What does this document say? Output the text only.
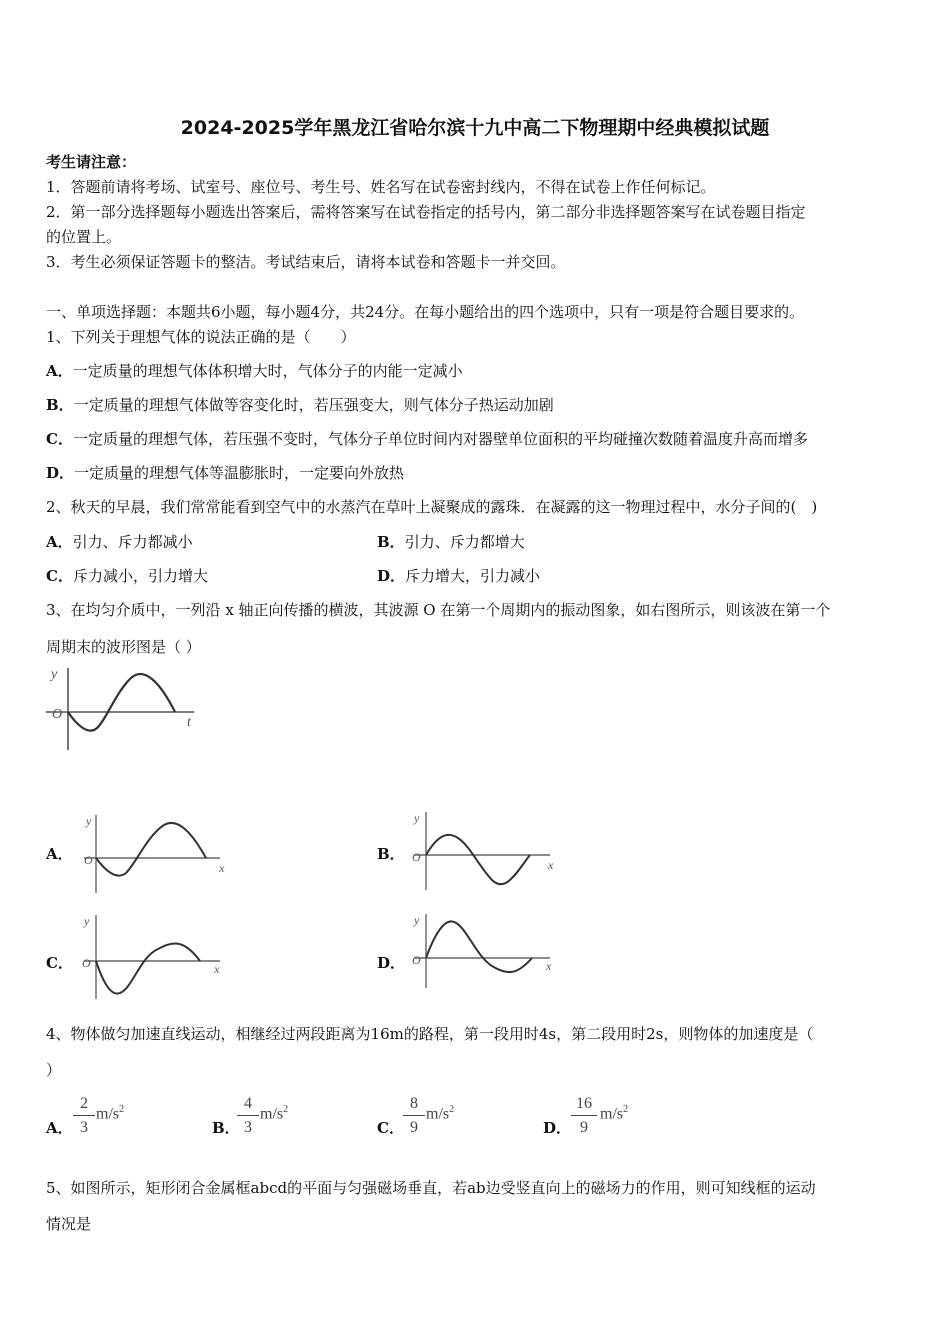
2024-2025学年黑龙江省哈尔滨十九中高二下物理期中经典模拟试题
考生请注意：
1．答题前请将考场、试室号、座位号、考生号、姓名写在试卷密封线内，不得在试卷上作任何标记。
2．第一部分选择题每小题选出答案后，需将答案写在试卷指定的括号内，第二部分非选择题答案写在试卷题目指定
的位置上。
3．考生必须保证答题卡的整洁。考试结束后，请将本试卷和答题卡一并交回。
一、单项选择题：本题共6小题，每小题4分，共24分。在每小题给出的四个选项中，只有一项是符合题目要求的。
1、下列关于理想气体的说法正确的是（　　）
A．一定质量的理想气体体积增大时，气体分子的内能一定减小
B．一定质量的理想气体做等容变化时，若压强变大，则气体分子热运动加剧
C．一定质量的理想气体，若压强不变时，气体分子单位时间内对器壁单位面积的平均碰撞次数随着温度升高而增多
D．一定质量的理想气体等温膨胀时，一定要向外放热
2、秋天的早晨，我们常常能看到空气中的水蒸汽在草叶上凝聚成的露珠．在凝露的这一物理过程中，水分子间的(　)
A．引力、斥力都减小	B．引力、斥力都增大
C．斥力减小，引力增大	D．斥力增大，引力减小
3、在均匀介质中，一列沿 x 轴正向传播的横波，其波源 O 在第一个周期内的振动图象，如右图所示，则该波在第一个
周期末的波形图是（ ）
y
O
t
A．
y
O
x
B．
y
O
x
C．
y
O	x	D．
y
O	x
4、物体做匀加速直线运动，相继经过两段距离为16m的路程，第一段用时4s，第二段用时2s，则物体的加速度是（
）
A． $\frac{2}{3} m/s^2$
B．
$\frac{4}{3} m/s^2$
C． $\frac{8}{9} m/s^2$
D． $\frac{16}{9} m/s^2$
5、如图所示，矩形闭合金属框abcd的平面与匀强磁场垂直，若ab边受竖直向上的磁场力的作用，则可知线框的运动
情况是
